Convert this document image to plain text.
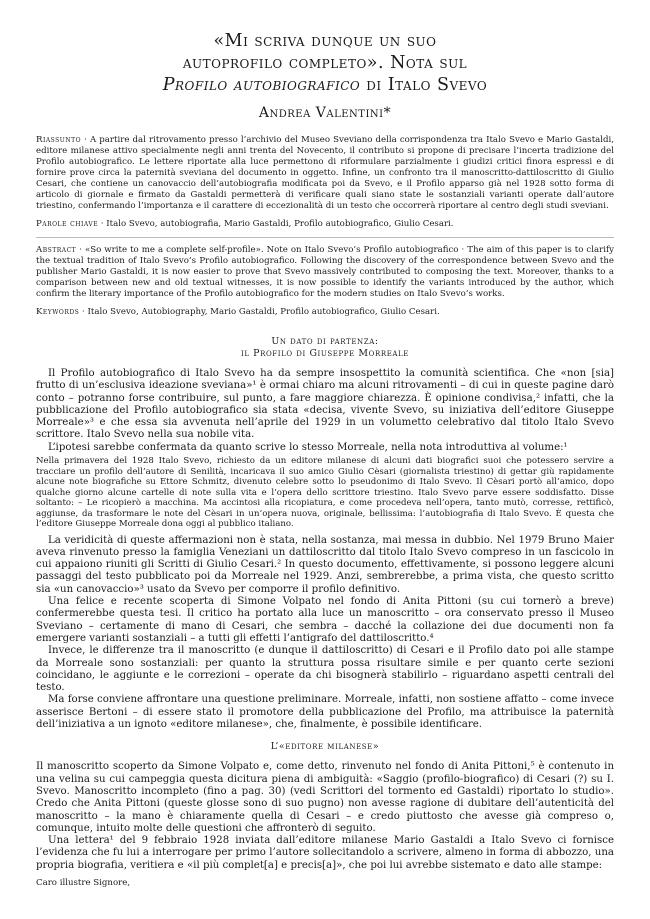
«Mi scriva dunque un suo
autoprofilo completo». Nota sul
Profilo autobiografico di Italo Svevo
Andrea Valentini*

Riassunto · A partire dal ritrovamento presso l’archivio del Museo Sveviano della corrispondenza tra Italo Svevo e Mario Gastaldi, editore milanese attivo specialmente negli anni trenta del Novecento, il contributo si propone di precisare l’incerta tradizione del Profilo autobiografico. Le lettere riportate alla luce permettono di riformulare parzialmente i giudizi critici finora espressi e di fornire prove circa la paternità sveviana del documento in oggetto. Infine, un confronto tra il manoscritto-dattiloscritto di Giulio Cesari, che contiene un canovaccio dell’autobiografia modificata poi da Svevo, e il Profilo apparso già nel 1928 sotto forma di articolo di giornale e firmato da Gastaldi permetterà di verificare quali siano state le sostanziali varianti operate dall’autore triestino, confermando l’importanza e il carattere di eccezionalità di un testo che occorrerà riportare al centro degli studi sveviani.

Parole chiave · Italo Svevo, autobiografia, Mario Gastaldi, Profilo autobiografico, Giulio Cesari.

Abstract · «So write to me a complete self-profile». Note on Italo Svevo’s Profilo autobiografico · The aim of this paper is to clarify the textual tradition of Italo Svevo’s Profilo autobiografico. Following the discovery of the correspondence between Svevo and the publisher Mario Gastaldi, it is now easier to prove that Svevo massively contributed to composing the text. Moreover, thanks to a comparison between new and old textual witnesses, it is now possible to identify the variants introduced by the author, which confirm the literary importance of the Profilo autobiografico for the modern studies on Italo Svevo’s works.

Keywords · Italo Svevo, Autobiography, Mario Gastaldi, Profilo autobiografico, Giulio Cesari.

Un dato di partenza:

il Profilo di Giuseppe Morreale

Il Profilo autobiografico di Italo Svevo ha da sempre insospettito la comunità scientifica. Che «non [sia] frutto di un’esclusiva ideazione sveviana»¹ è ormai chiaro ma alcuni ritrovamenti – di cui in queste pagine darò conto – potranno forse contribuire, sul punto, a fare maggiore chiarezza. È opinione condivisa,² infatti, che la pubblicazione del Profilo autobiografico sia stata «decisa, vivente Svevo, su iniziativa dell’editore Giuseppe Morreale»³ e che essa sia avvenuta nell’aprile del 1929 in un volumetto celebrativo dal titolo Italo Svevo scrittore. Italo Svevo nella sua nobile vita.

L’ipotesi sarebbe confermata da quanto scrive lo stesso Morreale, nella nota introduttiva al volume:¹

Nella primavera del 1928 Italo Svevo, richiesto da un editore milanese di alcuni dati biografici suoi che potessero servire a tracciare un profilo dell’autore di Senilità, incaricava il suo amico Giulio Cèsari (giornalista triestino) di gettar giù rapidamente alcune note biografiche su Ettore Schmitz, divenuto celebre sotto lo pseudonimo di Italo Svevo. Il Cèsari portò all’amico, dopo qualche giorno alcune cartelle di note sulla vita e l’opera dello scrittore triestino. Italo Svevo parve essere soddisfatto. Disse soltanto: – Le ricopierò a macchina. Ma accintosi alla ricopiatura, e come procedeva nell’opera, tanto mutò, corresse, rettificò, aggiunse, da trasformare le note del Cèsari in un’opera nuova, originale, bellissima: l’autobiografia di Italo Svevo. È questa che l’editore Giuseppe Morreale dona oggi al pubblico italiano.

La veridicità di queste affermazioni non è stata, nella sostanza, mai messa in dubbio. Nel 1979 Bruno Maier aveva rinvenuto presso la famiglia Veneziani un dattiloscritto dal titolo Italo Svevo compreso in un fascicolo in cui appaiono riuniti gli Scritti di Giulio Cesari.² In questo documento, effettivamente, si possono leggere alcuni passaggi del testo pubblicato poi da Morreale nel 1929. Anzi, sembrerebbe, a prima vista, che questo scritto sia «un canovaccio»³ usato da Svevo per comporre il profilo definitivo.

Una felice e recente scoperta di Simone Volpato nel fondo di Anita Pittoni (su cui tornerò a breve) confermerebbe questa tesi. Il critico ha portato alla luce un manoscritto – ora conservato presso il Museo Sveviano – certamente di mano di Cesari, che sembra – dacché la collazione dei due documenti non fa emergere varianti sostanziali – a tutti gli effetti l’antigrafo del dattiloscritto.⁴

Invece, le differenze tra il manoscritto (e dunque il dattiloscritto) di Cesari e il Profilo dato poi alle stampe da Morreale sono sostanziali: per quanto la struttura possa risultare simile e per quanto certe sezioni coincidano, le aggiunte e le correzioni – operate da chi bisognerà stabilirlo – riguardano aspetti centrali del testo.

Ma forse conviene affrontare una questione preliminare. Morreale, infatti, non sostiene affatto – come invece asserisce Bertoni – di essere stato il promotore della pubblicazione del Profilo, ma attribuisce la paternità dell’iniziativa a un ignoto «editore milanese», che, finalmente, è possibile identificare.

L’«editore milanese»

Il manoscritto scoperto da Simone Volpato e, come detto, rinvenuto nel fondo di Anita Pittoni,⁵ è contenuto in una velina su cui campeggia questa dicitura piena di ambiguità: «Saggio (profilo-biografico) di Cesari (?) su I. Svevo. Manoscritto incompleto (fino a pag. 30) (vedi Scrittori del tormento ed Gastaldi) riportato lo studio». Credo che Anita Pittoni (queste glosse sono di suo pugno) non avesse ragione di dubitare dell’autenticità del manoscritto – la mano è chiaramente quella di Cesari – e credo piuttosto che avesse già compreso o, comunque, intuito molte delle questioni che affronterò di seguito.

Una lettera¹ del 9 febbraio 1928 inviata dall’editore milanese Mario Gastaldi a Italo Svevo ci fornisce l’evidenza che fu lui a interrogare per primo l’autore sollecitandolo a scrivere, almeno in forma di abbozzo, una propria biografia, veritiera e «il più complet[a] e precis[a]», che poi lui avrebbe sistemato e dato alle stampe:

Caro illustre Signore,
